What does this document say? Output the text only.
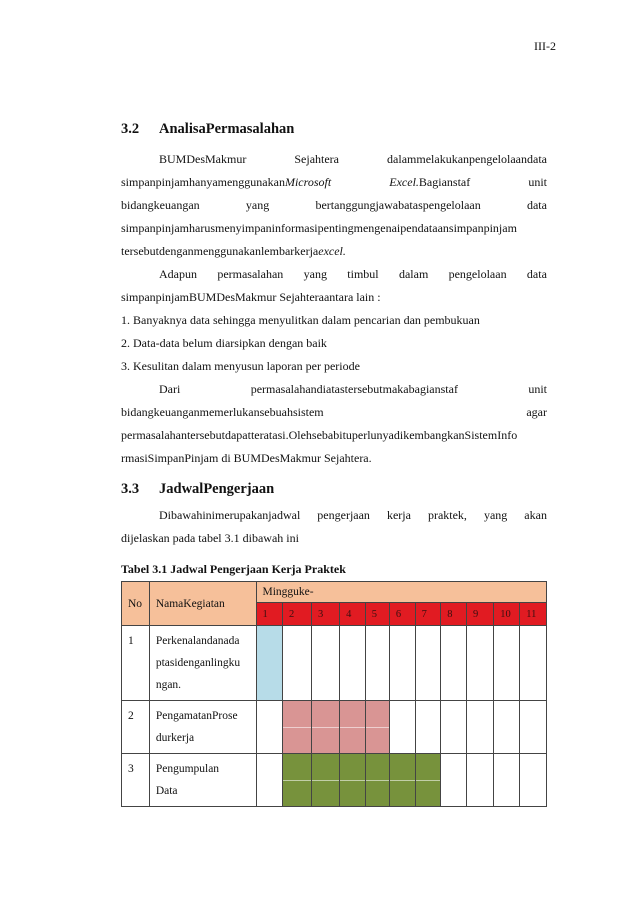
III-2
3.2 AnalisaPermasalahan
BUMDesMakmur	Sejahtera	dalammelakukanpengelolaandata
simpanpinjamhanyamenggunakanMicrosoft	Excel.Bagianstaf	unit
bidangkeuangan	yang	bertanggungjawabataspengelolaan	data
simpanpinjamharusmenyimpaninformasipentingmengenaipendataansimpanpinjam
tersebutdenganmenggunakanlembarkerjaexcel.
Adapun permasalahan yang timbul dalam pengelolaan data
simpanpinjamBUMDesMakmur Sejahteraantara lain :
1. Banyaknya data sehingga menyulitkan dalam pencarian dan pembukuan
2. Data-data belum diarsipkan dengan baik
3. Kesulitan dalam menyusun laporan per periode
Dari	permasalahandiatastersebutmakabagianstaf	unit
bidangkeuanganmemerlukansebuahsistem	agar
permasalahantersebutdapatteratasi.OlehsebabituperlunyadikembangkanSistemInfo
rmasiSimpanPinjam di BUMDesMakmur Sejahtera.
3.3 JadwalPengerjaan
Dibawahinimerupakanjadwal pengerjaan kerja praktek, yang akan
dijelaskan pada tabel 3.1 dibawah ini
Tabel 3.1 Jadwal Pengerjaan Kerja Praktek
No	NamaKegiatan	Mingguke-										
		1	2	3	4	5	6	7	8	9	10	11
1	Perkenalandanada
ptasidenganlingku
ngan.											

2	PengamatanProse
durkerja											

3	Pengumpulan
Data											
